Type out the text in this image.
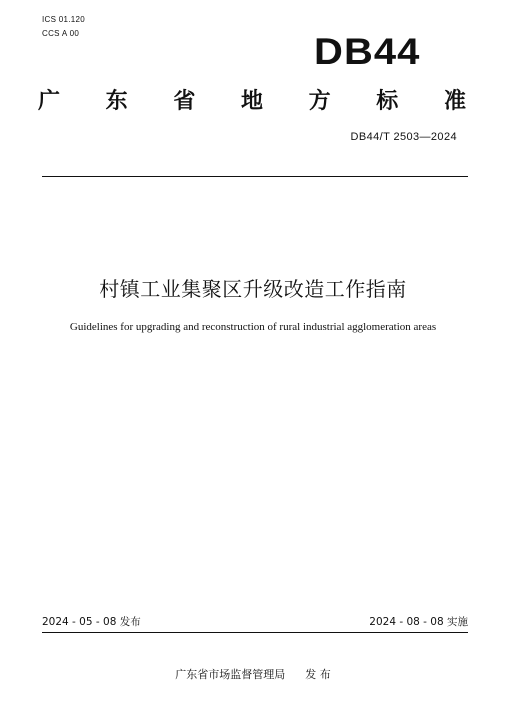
ICS 01.120
CCS A 00	DB44
广 东 省 地 方 标 准
DB44/T 2503—2024
村镇工业集聚区升级改造工作指南
Guidelines for upgrading and reconstruction of rural industrial agglomeration areas
2024 - 05 - 08 发布	2024 - 08 - 08 实施
广东省市场监督管理局 发 布
